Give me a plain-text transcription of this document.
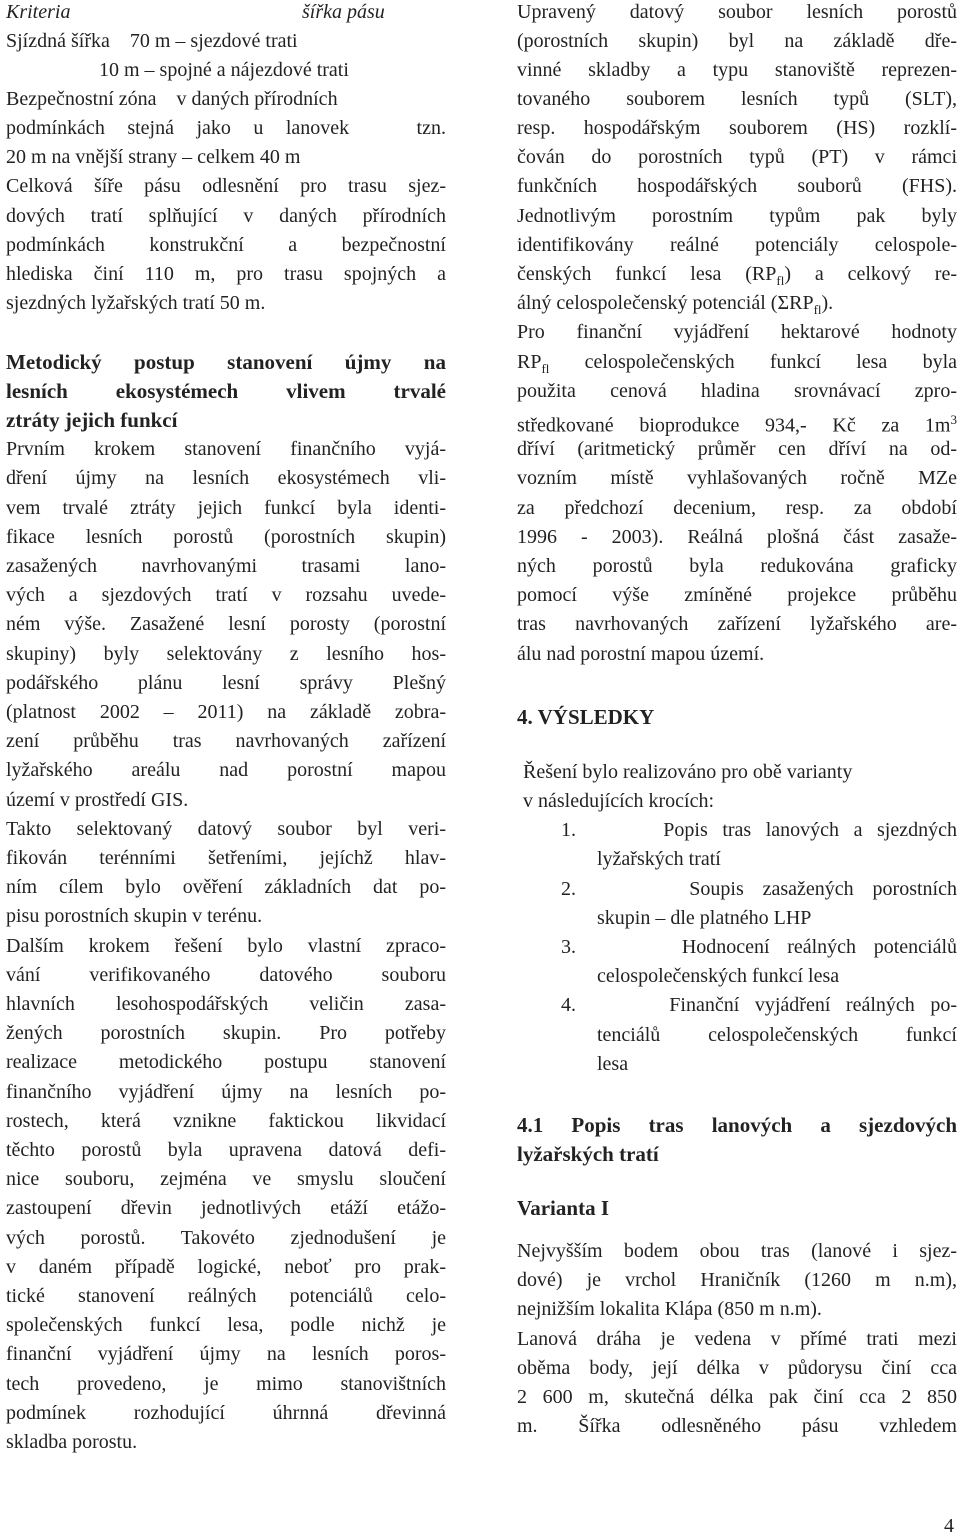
Kriteria	šířka pásu
Sjízdná šířka    70 m – sjezdové trati
10 m – spojné a nájezdové trati
Bezpečnostní zóna    v daných přírodních
podmínkách stejná jako u lanovek   tzn.
20 m na vnější strany – celkem 40 m
Celková šíře pásu odlesnění pro trasu sjez-
dových tratí splňující v daných přírodních
podmínkách konstrukční a bezpečnostní
hlediska činí 110 m, pro trasu spojných a
sjezdných lyžařských tratí 50 m.
Metodický postup stanovení újmy na
lesních ekosystémech vlivem trvalé
ztráty jejich funkcí
Prvním krokem stanovení finančního vyjá-
dření újmy na lesních ekosystémech vli-
vem trvalé ztráty jejich funkcí byla identi-
fikace lesních porostů (porostních skupin)
zasažených navrhovanými trasami lano-
vých a sjezdových tratí v rozsahu uvede-
ném výše. Zasažené lesní porosty (porostní
skupiny) byly selektovány z lesního hos-
podářského plánu lesní správy Plešný
(platnost 2002 – 2011) na základě zobra-
zení průběhu tras navrhovaných zařízení
lyžařského areálu nad porostní mapou
území v prostředí GIS.
Takto selektovaný datový soubor byl veri-
fikován terénními šetřeními, jejíchž hlav-
ním cílem bylo ověření základních dat po-
pisu porostních skupin v terénu.
Dalším krokem řešení bylo vlastní zpraco-
vání verifikovaného datového souboru
hlavních lesohospodářských veličin zasa-
žených porostních skupin. Pro potřeby
realizace metodického postupu stanovení
finančního vyjádření újmy na lesních po-
rostech, která vznikne faktickou likvidací
těchto porostů byla upravena datová defi-
nice souboru, zejména ve smyslu sloučení
zastoupení dřevin jednotlivých etáží etážo-
vých porostů. Takovéto zjednodušení je
v daném případě logické, neboť pro prak-
tické stanovení reálných potenciálů celo-
společenských funkcí lesa, podle nichž je
finanční vyjádření újmy na lesních poros-
tech provedeno, je mimo stanovištních
podmínek rozhodující úhrnná dřevinná
skladba porostu.
Upravený datový soubor lesních porostů
(porostních skupin) byl na základě dře-
vinné skladby a typu stanoviště reprezen-
tovaného souborem lesních typů (SLT),
resp. hospodářským souborem (HS) rozklí-
čován do porostních typů (PT) v rámci
funkčních hospodářských souborů (FHS).
Jednotlivým porostním typům pak byly
identifikovány reálné potenciály celospole-
čenských funkcí lesa $(RP_{fl})$ a celkový re-
álný celospolečenský potenciál $(\Sigma RP_{fl})$.
Pro finanční vyjádření hektarové hodnoty
$RP_{fl}$ celospolečenských funkcí lesa byla
použita cenová hladina srovnávací zpro-
středkované bioprodukce 934,- Kč za $1m^3$
dříví (aritmetický průměr cen dříví na od-
vozním místě vyhlašovaných ročně MZe
za předchozí decenium, resp. za období
1996 - 2003). Reálná plošná část zasaže-
ných porostů byla redukována graficky
pomocí výše zmíněné projekce průběhu
tras navrhovaných zařízení lyžařského are-
álu nad porostní mapou území.
4. VÝSLEDKY
Řešení bylo realizováno pro obě varianty
v následujících krocích:
1.      Popis tras lanových a sjezdných
lyžařských tratí
2.      Soupis zasažených porostních
skupin – dle platného LHP
3.      Hodnocení reálných potenciálů
celospolečenských funkcí lesa
4.      Finanční vyjádření reálných po-
tenciálů celospolečenských funkcí
lesa
4.1 Popis tras lanových a sjezdových
lyžařských tratí
Varianta I
Nejvyšším bodem obou tras (lanové i sjez-
dové) je vrchol Hraničník (1260 m n.m),
nejnižším lokalita Klápa (850 m n.m).
Lanová dráha je vedena v přímé trati mezi
oběma body, její délka v půdorysu činí cca
2 600 m, skutečná délka pak činí cca 2 850
m. Šířka odlesněného pásu vzhledem
4
